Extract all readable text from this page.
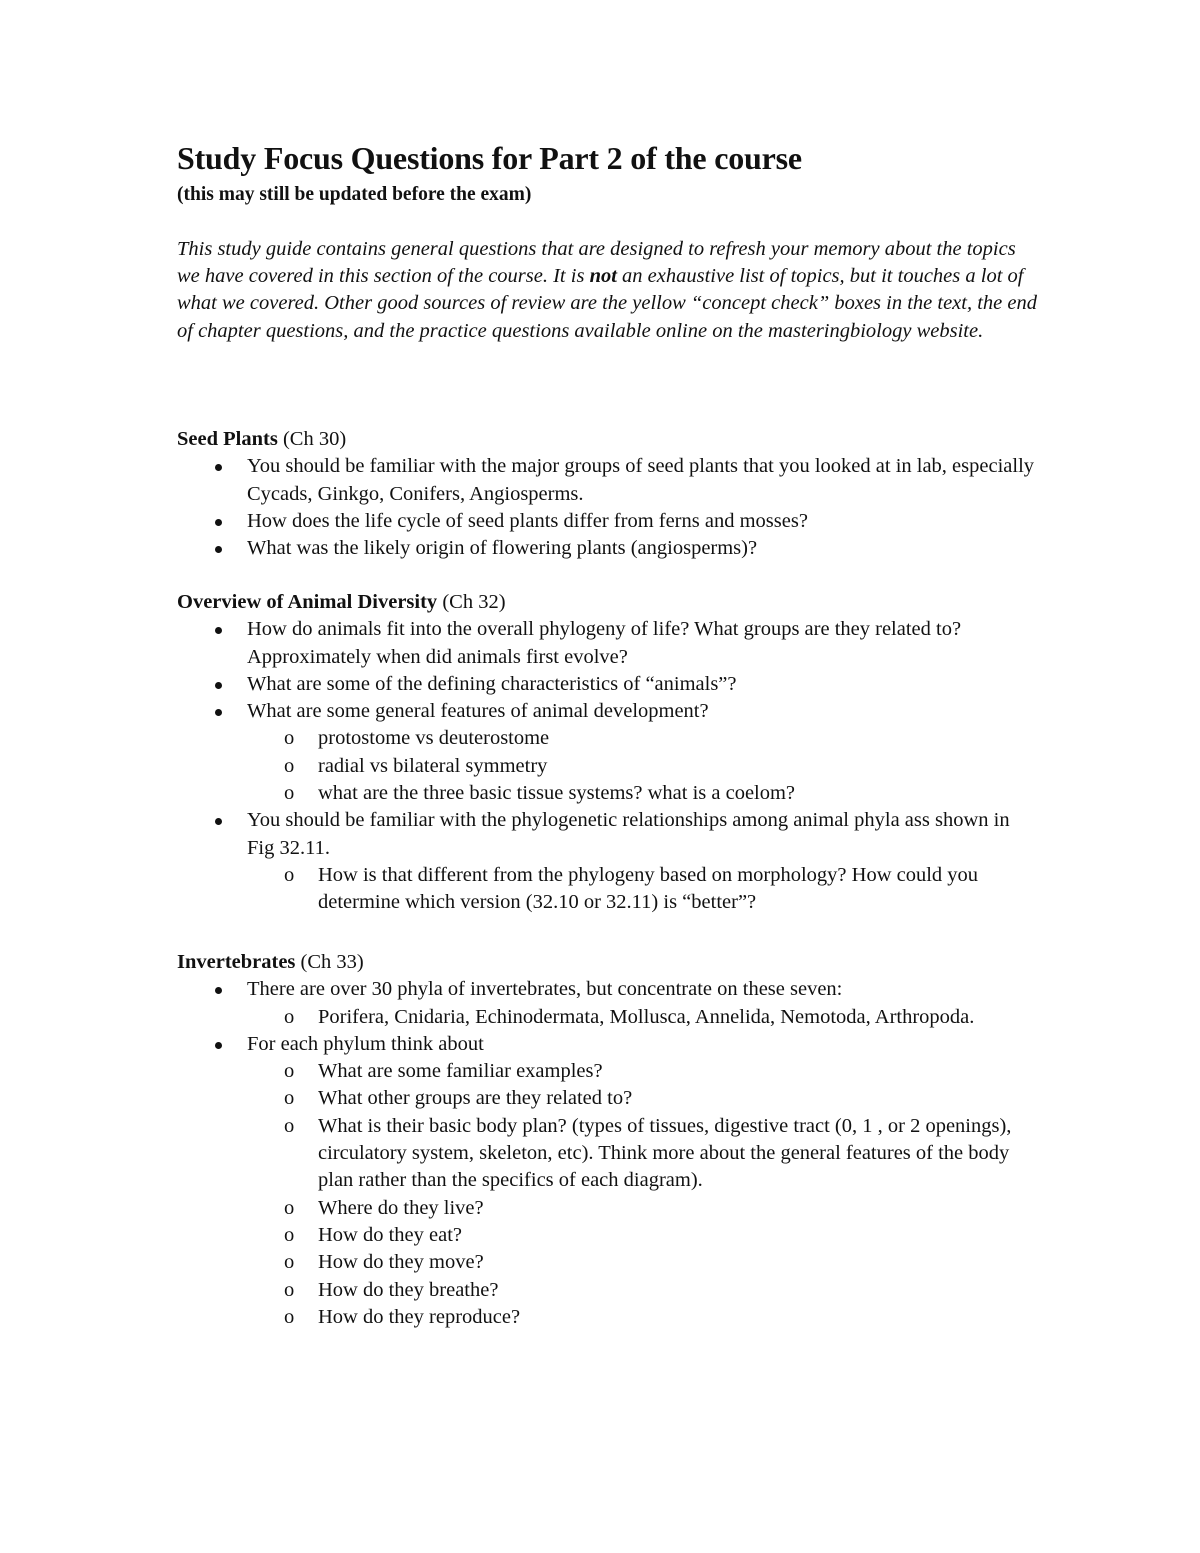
Study Focus Questions for Part 2 of the course
(this may still be updated before the exam)

This study guide contains general questions that are designed to refresh your memory about the topics we have covered in this section of the course. It is not an exhaustive list of topics, but it touches a lot of what we covered. Other good sources of review are the yellow “concept check” boxes in the text, the end of chapter questions, and the practice questions available online on the masteringbiology website.

Seed Plants (Ch 30)

You should be familiar with the major groups of seed plants that you looked at in lab, especially Cycads, Ginkgo, Conifers, Angiosperms.
How does the life cycle of seed plants differ from ferns and mosses?
What was the likely origin of flowering plants (angiosperms)?

Overview of Animal Diversity (Ch 32)

How do animals fit into the overall phylogeny of life? What groups are they related to? Approximately when did animals first evolve?
What are some of the defining characteristics of “animals”?
What are some general features of animal development?
o protostome vs deuterostome
o radial vs bilateral symmetry
o what are the three basic tissue systems? what is a coelom?
You should be familiar with the phylogenetic relationships among animal phyla ass shown in Fig 32.11.
o How is that different from the phylogeny based on morphology? How could you determine which version (32.10 or 32.11) is “better”?

Invertebrates (Ch 33)

There are over 30 phyla of invertebrates, but concentrate on these seven:
o Porifera, Cnidaria, Echinodermata, Mollusca, Annelida, Nemotoda, Arthropoda.
For each phylum think about
o What are some familiar examples?
o What other groups are they related to?
o What is their basic body plan? (types of tissues, digestive tract (0, 1 , or 2 openings), circulatory system, skeleton, etc). Think more about the general features of the body plan rather than the specifics of each diagram).
o Where do they live?
o How do they eat?
o How do they move?
o How do they breathe?
o How do they reproduce?
